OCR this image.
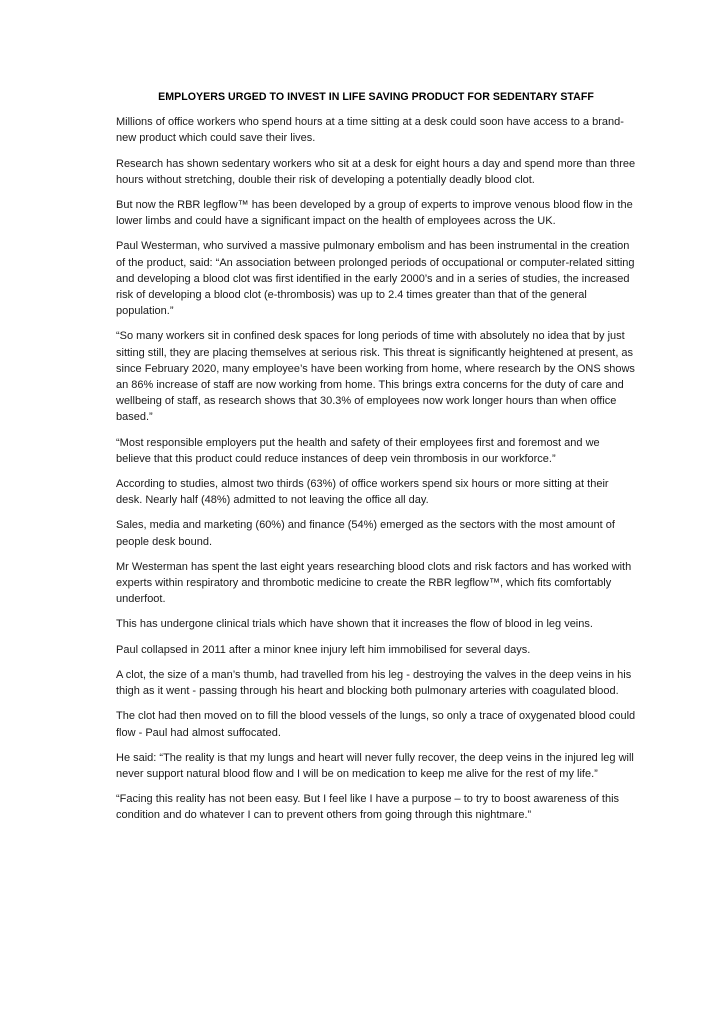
EMPLOYERS URGED TO INVEST IN LIFE SAVING PRODUCT FOR SEDENTARY STAFF

Millions of office workers who spend hours at a time sitting at a desk could soon have access to a brand-new product which could save their lives.

Research has shown sedentary workers who sit at a desk for eight hours a day and spend more than three hours without stretching, double their risk of developing a potentially deadly blood clot.

But now the RBR legflow™ has been developed by a group of experts to improve venous blood flow in the lower limbs and could have a significant impact on the health of employees across the UK.

Paul Westerman, who survived a massive pulmonary embolism and has been instrumental in the creation of the product, said: “An association between prolonged periods of occupational or computer-related sitting and developing a blood clot was first identified in the early 2000’s and in a series of studies, the increased risk of developing a blood clot (e-thrombosis) was up to 2.4 times greater than that of the general population.”

“So many workers sit in confined desk spaces for long periods of time with absolutely no idea that by just sitting still, they are placing themselves at serious risk. This threat is significantly heightened at present, as since February 2020, many employee’s have been working from home, where research by the ONS shows an 86% increase of staff are now working from home. This brings extra concerns for the duty of care and wellbeing of staff, as research shows that 30.3% of employees now work longer hours than when office based.”

“Most responsible employers put the health and safety of their employees first and foremost and we believe that this product could reduce instances of deep vein thrombosis in our workforce.”

According to studies, almost two thirds (63%) of office workers spend six hours or more sitting at their desk. Nearly half (48%) admitted to not leaving the office all day.

Sales, media and marketing (60%) and finance (54%) emerged as the sectors with the most amount of people desk bound.

Mr Westerman has spent the last eight years researching blood clots and risk factors and has worked with experts within respiratory and thrombotic medicine to create the RBR legflow™, which fits comfortably underfoot.

This has undergone clinical trials which have shown that it increases the flow of blood in leg veins.

Paul collapsed in 2011 after a minor knee injury left him immobilised for several days.

A clot, the size of a man’s thumb, had travelled from his leg - destroying the valves in the deep veins in his thigh as it went - passing through his heart and blocking both pulmonary arteries with coagulated blood.

The clot had then moved on to fill the blood vessels of the lungs, so only a trace of oxygenated blood could flow - Paul had almost suffocated.

He said: “The reality is that my lungs and heart will never fully recover, the deep veins in the injured leg will never support natural blood flow and I will be on medication to keep me alive for the rest of my life.”

“Facing this reality has not been easy. But I feel like I have a purpose – to try to boost awareness of this condition and do whatever I can to prevent others from going through this nightmare.”
